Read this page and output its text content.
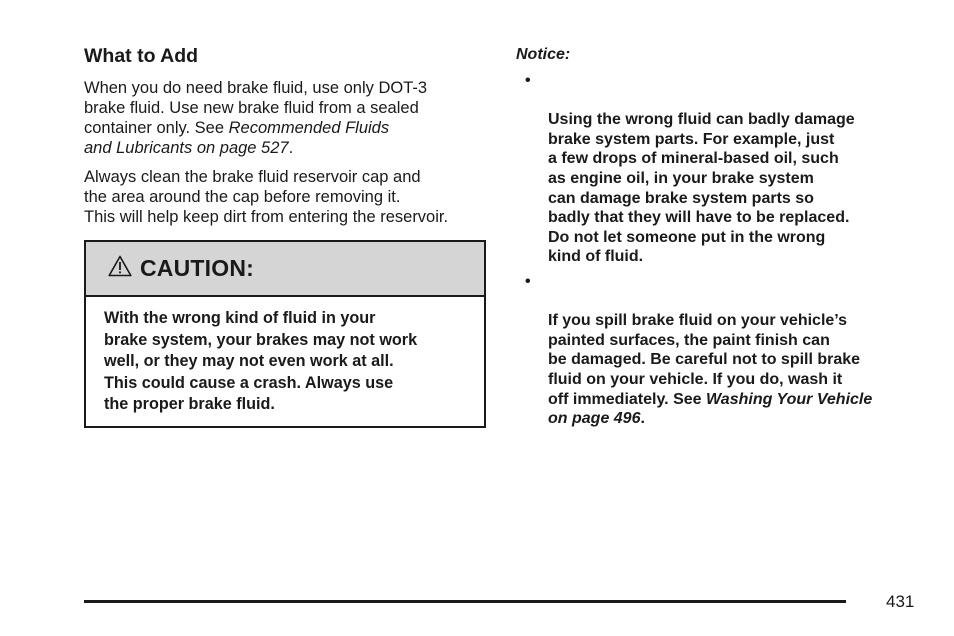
What to Add

When you do need brake fluid, use only DOT-3
brake fluid. Use new brake fluid from a sealed
container only. See Recommended Fluids
and Lubricants on page 527.

Always clean the brake fluid reservoir cap and
the area around the cap before removing it.
This will help keep dirt from entering the reservoir.

CAUTION:
With the wrong kind of fluid in your
brake system, your brakes may not work
well, or they may not even work at all.
This could cause a crash. Always use
the proper brake fluid.
Notice:

•

Using the wrong fluid can badly damage
brake system parts. For example, just
a few drops of mineral-based oil, such
as engine oil, in your brake system
can damage brake system parts so
badly that they will have to be replaced.
Do not let someone put in the wrong
kind of fluid.

•

If you spill brake fluid on your vehicle’s
painted surfaces, the paint finish can
be damaged. Be careful not to spill brake
fluid on your vehicle. If you do, wash it
off immediately. See Washing Your Vehicle
on page 496.

431
